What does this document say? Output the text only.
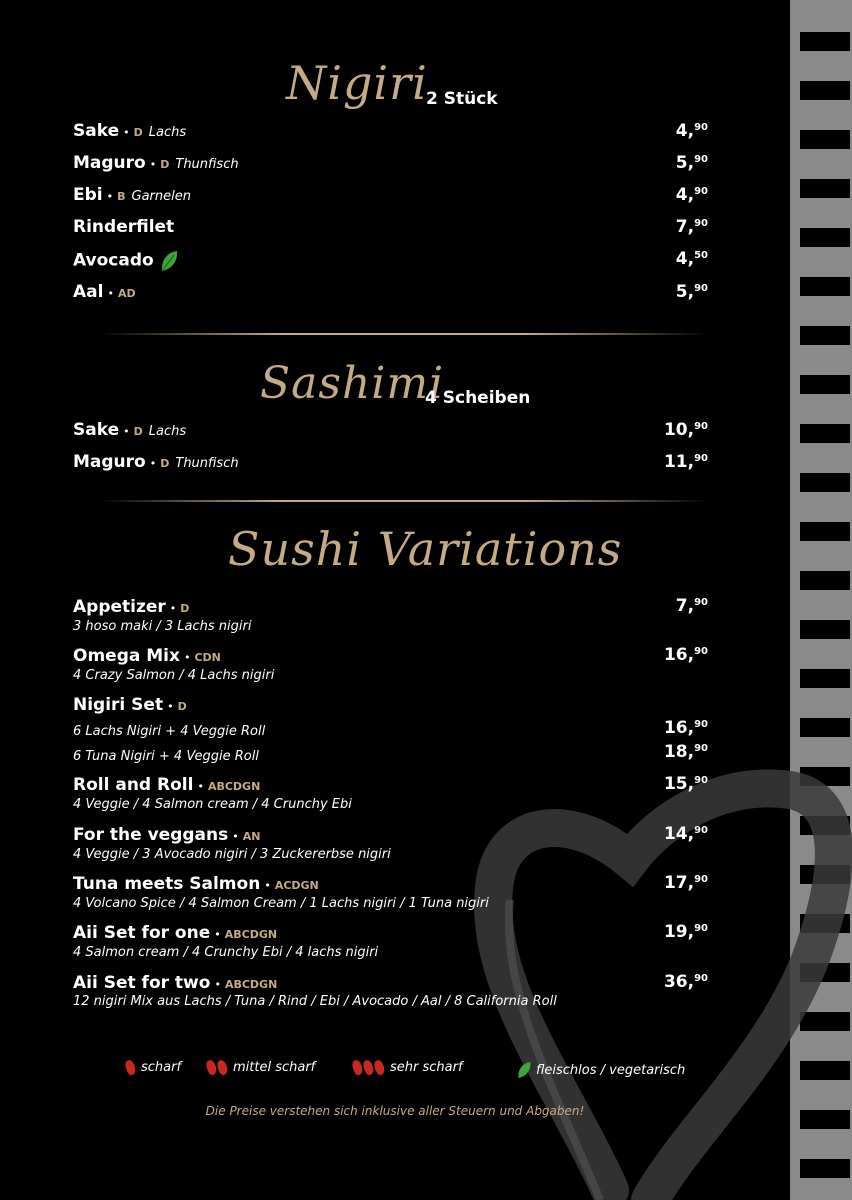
Nigiri
2 Stück
Sake • D Lachs	4,90
Maguro • D Thunfisch	5,90
Ebi • B Garnelen	4,90
Rinderfilet	7,90
Avocado	4,50
Aal • AD	5,90
Sashimi
4 Scheiben
Sake • D Lachs	10,90
Maguro • D Thunfisch	11,90
Sushi Variations
Appetizer • D
3 hoso maki / 3 Lachs nigiri
7,90
Omega Mix • CDN
4 Crazy Salmon / 4 Lachs nigiri
16,90
Nigiri Set • D
6 Lachs Nigiri + 4 Veggie Roll	16,90
6 Tuna Nigiri + 4 Veggie Roll	18,90
Roll and Roll • ABCDGN
4 Veggie / 4 Salmon cream / 4 Crunchy Ebi
15,90
For the veggans • AN
4 Veggie / 3 Avocado nigiri / 3 Zuckererbse nigiri
14,90
Tuna meets Salmon • ACDGN
4 Volcano Spice / 4 Salmon Cream / 1 Lachs nigiri / 1 Tuna nigiri
17,90
Aii Set for one • ABCDGN
4 Salmon cream / 4 Crunchy Ebi / 4 lachs nigiri
19,90
Aii Set for two • ABCDGN
12 nigiri Mix aus Lachs / Tuna / Rind / Ebi / Avocado / Aal / 8 California Roll
36,90
scharf	mittel scharf	sehr scharf	fleischlos / vegetarisch
Die Preise verstehen sich inklusive aller Steuern und Abgaben!
